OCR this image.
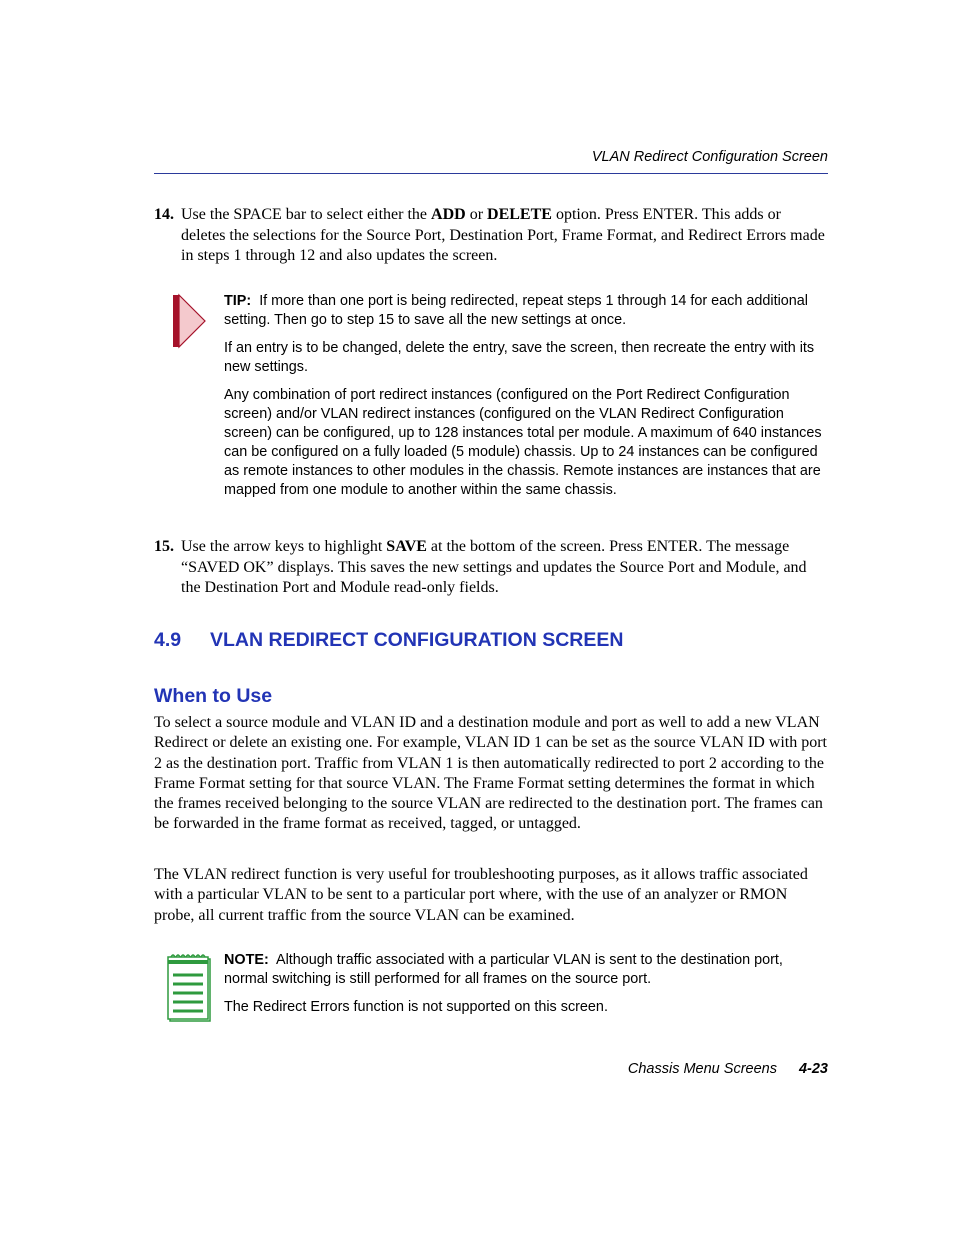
VLAN Redirect Configuration Screen
14. Use the SPACE bar to select either the ADD or DELETE option. Press ENTER. This adds or deletes the selections for the Source Port, Destination Port, Frame Format, and Redirect Errors made in steps 1 through 12 and also updates the screen.

TIP: If more than one port is being redirected, repeat steps 1 through 14 for each additional setting. Then go to step 15 to save all the new settings at once.

If an entry is to be changed, delete the entry, save the screen, then recreate the entry with its new settings.

Any combination of port redirect instances (configured on the Port Redirect Configuration screen) and/or VLAN redirect instances (configured on the VLAN Redirect Configuration screen) can be configured, up to 128 instances total per module. A maximum of 640 instances can be configured on a fully loaded (5 module) chassis. Up to 24 instances can be configured as remote instances to other modules in the chassis. Remote instances are instances that are mapped from one module to another within the same chassis.

15. Use the arrow keys to highlight SAVE at the bottom of the screen. Press ENTER. The message “SAVED OK” displays. This saves the new settings and updates the Source Port and Module, and the Destination Port and Module read-only fields.
4.9 VLAN REDIRECT CONFIGURATION SCREEN
When to Use
To select a source module and VLAN ID and a destination module and port as well to add a new VLAN Redirect or delete an existing one. For example, VLAN ID 1 can be set as the source VLAN ID with port 2 as the destination port. Traffic from VLAN 1 is then automatically redirected to port 2 according to the Frame Format setting for that source VLAN. The Frame Format setting determines the format in which the frames received belonging to the source VLAN are redirected to the destination port. The frames can be forwarded in the frame format as received, tagged, or untagged.
The VLAN redirect function is very useful for troubleshooting purposes, as it allows traffic associated with a particular VLAN to be sent to a particular port where, with the use of an analyzer or RMON probe, all current traffic from the source VLAN can be examined.

NOTE: Although traffic associated with a particular VLAN is sent to the destination port, normal switching is still performed for all frames on the source port.

The Redirect Errors function is not supported on this screen.

Chassis Menu Screens 4-23
